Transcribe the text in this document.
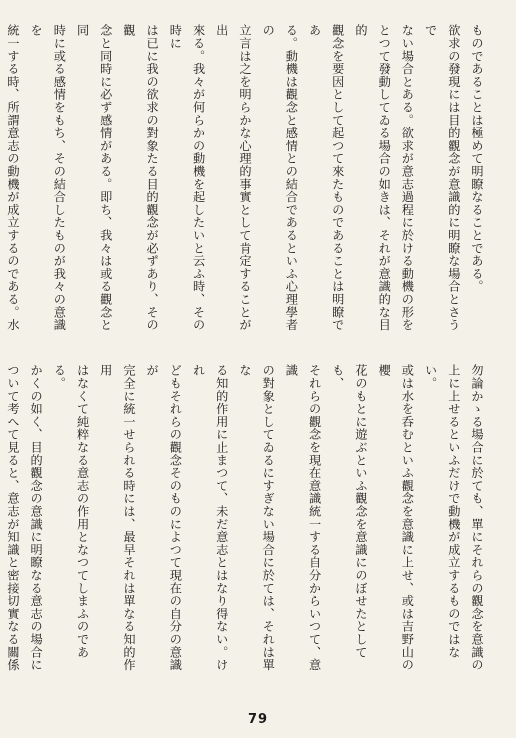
ものであることは極めて明瞭なることである。

欲求の發現には目的觀念が意識的に明瞭な場合とさうで

ない場合とある。欲求が意志過程に於ける動機の形を

とつて發動してゐる場合の如きは、それが意識的な目的

觀念を要因として起つて來たものであることは明瞭であ

る。動機は觀念と感情との結合であるといふ心理學者の

立言は之を明らかな心理的事實として肯定することが出

來る。我々が何らかの動機を起したいと云ふ時、その時に

は已に我の欲求の對象たる目的觀念が必ずあり、その觀

念と同時に必ず感情がある。即ち、我々は或る觀念と同

時に或る感情をもち、その結合したものが我々の意識を

統一する時、所謂意志の動機が成立するのである。水

勿論かゝる場合に於ても、單にそれらの觀念を意識の

上に上せるといふだけで動機が成立するものではない。

或は水を呑むといふ觀念を意識に上せ、或は吉野山の櫻

花のもとに遊ぶといふ觀念を意識にのぼせたとしても、

それらの觀念を現在意識統一する自分からいつて、意識

の對象としてゐるにすぎない場合に於ては、それは單な

る知的作用に止まつて、未だ意志とはなり得ない。けれ

どもそれらの觀念そのものによつて現在の自分の意識が

完全に統一せられる時には、最早それは單なる知的作用

はなくて純粹なる意志の作用となつてしまふのであ

る。

かくの如く、目的觀念の意識に明瞭なる意志の場合に

ついて考へて見ると、意志が知識と密接切實なる關係

79
